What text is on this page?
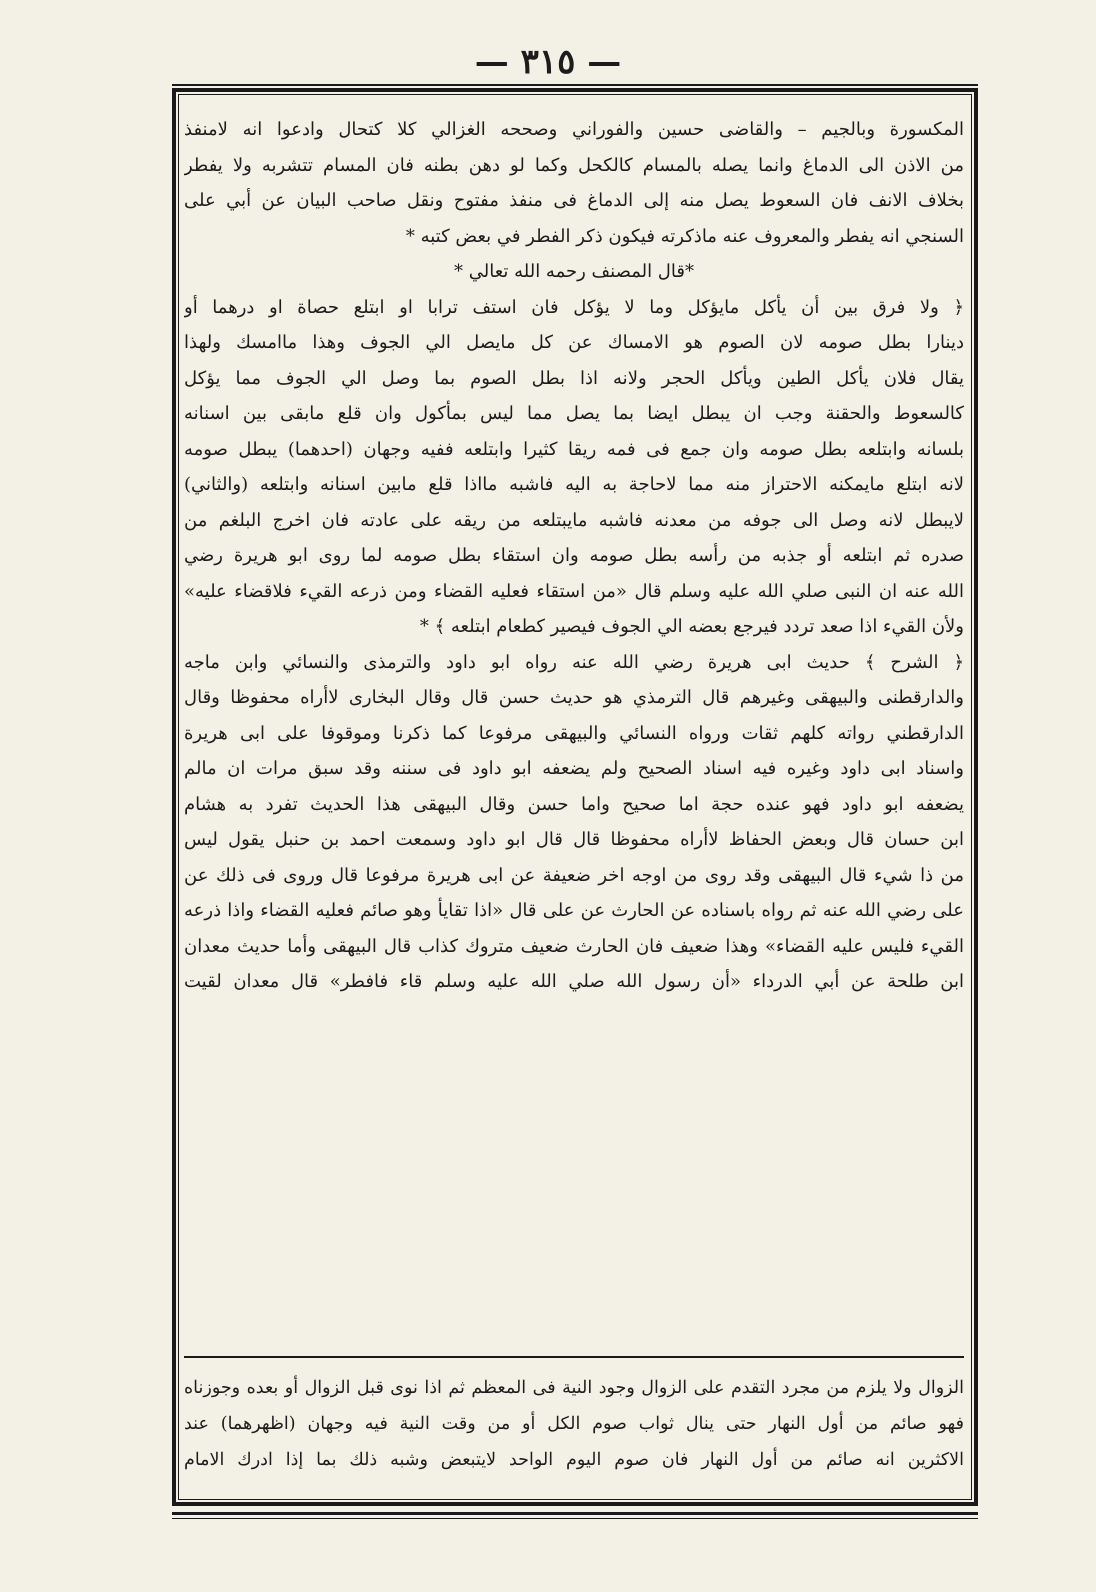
— ٣١٥ —
المكسورة وبالجيم – والقاضى حسين والفوراني وصححه الغزالي كلا كتحال وادعوا انه لامنفذ
من الاذن الى الدماغ وانما يصله بالمسام كالكحل وكما لو دهن بطنه فان المسام تتشربه ولا يفطر
بخلاف الانف فان السعوط يصل منه إلى الدماغ فى منفذ مفتوح ونقل صاحب البيان عن أبي على
السنجي انه يفطر والمعروف عنه ماذكرته فيكون ذكر الفطر في بعض كتبه *
*قال المصنف رحمه الله تعالي *
﴿ ولا فرق بين أن يأكل مايؤكل وما لا يؤكل فان استف ترابا او ابتلع حصاة او درهما أو
دينارا بطل صومه لان الصوم هو الامساك عن كل مايصل الي الجوف وهذا ماامسك ولهذا
يقال فلان يأكل الطين ويأكل الحجر ولانه اذا بطل الصوم بما وصل الي الجوف مما يؤكل
كالسعوط والحقنة وجب ان يبطل ايضا بما يصل مما ليس بمأكول وان قلع مابقى بين اسنانه
بلسانه وابتلعه بطل صومه وان جمع فى فمه ريقا كثيرا وابتلعه ففيه وجهان (احدهما) يبطل صومه
لانه ابتلع مايمكنه الاحتراز منه مما لاحاجة به اليه فاشبه مااذا قلع مابين اسنانه وابتلعه (والثاني)
لايبطل لانه وصل الى جوفه من معدنه فاشبه مايبتلعه من ريقه على عادته فان اخرج البلغم من
صدره ثم ابتلعه أو جذبه من رأسه بطل صومه وان استقاء بطل صومه لما روى ابو هريرة رضي
الله عنه ان النبى صلي الله عليه وسلم قال «من استقاء فعليه القضاء ومن ذرعه القيء فلاقضاء عليه»
ولأن القيء اذا صعد تردد فيرجع بعضه الي الجوف فيصير كطعام ابتلعه ﴾ *
﴿ الشرح ﴾ حديث ابى هريرة رضي الله عنه رواه ابو داود والترمذى والنسائي وابن ماجه
والدارقطنى والبيهقى وغيرهم قال الترمذي هو حديث حسن قال وقال البخارى لاأراه محفوظا وقال
الدارقطني رواته كلهم ثقات ورواه النسائي والبيهقى مرفوعا كما ذكرنا وموقوفا على ابى هريرة
واسناد ابى داود وغيره فيه اسناد الصحيح ولم يضعفه ابو داود فى سننه وقد سبق مرات ان مالم
يضعفه ابو داود فهو عنده حجة اما صحيح واما حسن وقال البيهقى هذا الحديث تفرد به هشام
ابن حسان قال وبعض الحفاظ لاأراه محفوظا قال قال ابو داود وسمعت احمد بن حنبل يقول ليس
من ذا شيء قال البيهقى وقد روى من اوجه اخر ضعيفة عن ابى هريرة مرفوعا قال وروى فى ذلك عن
على رضي الله عنه ثم رواه باسناده عن الحارث عن على قال «اذا تقايأ وهو صائم فعليه القضاء واذا ذرعه
القيء فليس عليه القضاء» وهذا ضعيف فان الحارث ضعيف متروك كذاب قال البيهقى وأما حديث معدان
ابن طلحة عن أبي الدرداء «أن رسول الله صلي الله عليه وسلم قاء فافطر» قال معدان لقيت
الزوال ولا يلزم من مجرد التقدم على الزوال وجود النية فى المعظم ثم اذا نوى قبل الزوال أو بعده وجوزناه
فهو صائم من أول النهار حتى ينال ثواب صوم الكل أو من وقت النية فيه وجهان (اظهرهما) عند
الاكثرين انه صائم من أول النهار فان صوم اليوم الواحد لايتبعض وشبه ذلك بما إذا ادرك الامام
